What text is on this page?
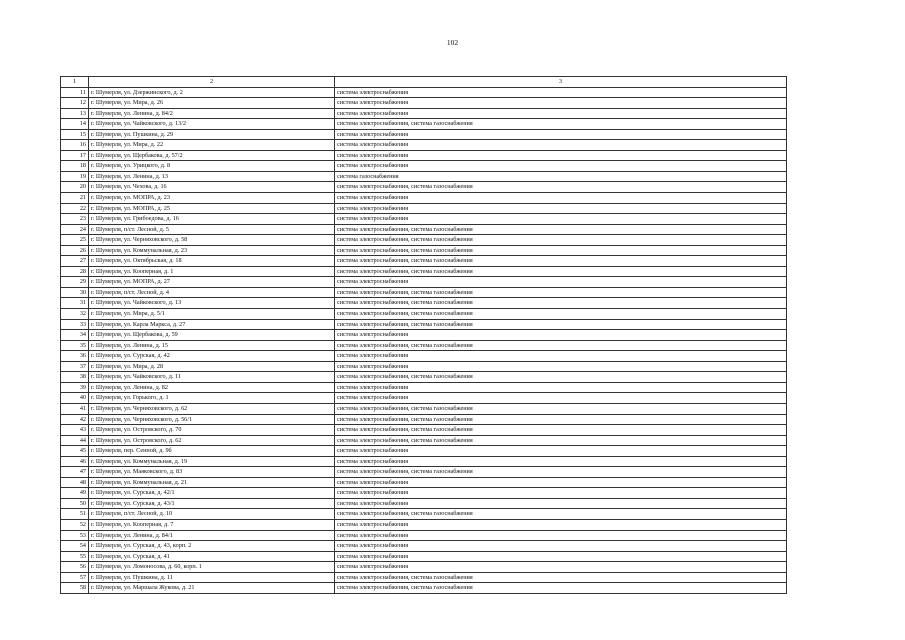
102
1	2	3
11	г. Шумерля, ул. Дзержинского, д. 2	система электроснабжения
12	г. Шумерля, ул. Мира, д. 26	система электроснабжения
13	г. Шумерля, ул. Ленина, д. 84/2	система электроснабжения
14	г. Шумерля, ул. Чайковского, д. 13/2	система электроснабжения, система газоснабжения
15	г. Шумерля, ул. Пушкина, д. 29	система электроснабжения
16	г. Шумерля, ул. Мира, д. 22	система электроснабжения
17	г. Шумерля, ул. Щербакова, д. 57/2	система электроснабжения
18	г. Шумерля, ул. Урицкого, д. 8	система электроснабжения
19	г. Шумерля, ул. Ленина, д. 13	система газоснабжения
20	г. Шумерля, ул. Чехова, д. 16	система электроснабжения, система газоснабжения
21	г. Шумерля, ул. МОПРА, д. 23	система электроснабжения
22	г. Шумерля, ул. МОПРА, д. 25	система электроснабжения
23	г. Шумерля, ул. Грибоедова, д. 16	система электроснабжения
24	г. Шумерля, п/ст. Лесной, д. 5	система электроснабжения, система газоснабжения
25	г. Шумерля, ул. Черняховского, д. 58	система электроснабжения, система газоснабжения
26	г. Шумерля, ул. Коммунальная, д. 23	система электроснабжения, система газоснабжения
27	г. Шумерля, ул. Октябрьская, д. 18	система электроснабжения, система газоснабжения
28	г. Шумерля, ул. Кооперная, д. 1	система электроснабжения, система газоснабжения
29	г. Шумерля, ул. МОПРА, д. 27	система электроснабжения
30	г. Шумерля, п/ст. Лесной, д. 4	система электроснабжения, система газоснабжения
31	г. Шумерля, ул. Чайковского, д. 13	система электроснабжения, система газоснабжения
32	г. Шумерля, ул. Мира, д. 5/1	система электроснабжения, система газоснабжения
33	г. Шумерля, ул. Карла Маркса, д. 27	система электроснабжения, система газоснабжения
34	г. Шумерля, ул. Щербакова, д. 59	система электроснабжения
35	г. Шумерля, ул. Ленина, д. 15	система электроснабжения, система газоснабжения
36	г. Шумерля, ул. Сурская, д. 42	система электроснабжения
37	г. Шумерля, ул. Мира, д. 28	система электроснабжения
38	г. Шумерля, ул. Чайковского, д. 11	система электроснабжения, система газоснабжения
39	г. Шумерля, ул. Ленина, д. 82	система электроснабжения
40	г. Шумерля, ул. Горького, д. 1	система электроснабжения
41	г. Шумерля, ул. Черняховского, д. 62	система электроснабжения, система газоснабжения
42	г. Шумерля, ул. Черняховского, д. 56/1	система электроснабжения, система газоснабжения
43	г. Шумерля, ул. Островского, д. 70	система электроснабжения, система газоснабжения
44	г. Шумерля, ул. Островского, д. 62	система электроснабжения, система газоснабжения
45	г. Шумерля, пер. Сенной, д. 9б	система электроснабжения
46	г. Шумерля, ул. Коммунальная, д. 19	система электроснабжения
47	г. Шумерля, ул. Маяковского, д. 83	система электроснабжения, система газоснабжения
48	г. Шумерля, ул. Коммунальная, д. 21	система электроснабжения
49	г. Шумерля, ул. Сурская, д. 42/1	система электроснабжения
50	г. Шумерля, ул. Сурская, д. 43/1	система электроснабжения
51	г. Шумерля, п/ст. Лесной, д. 10	система электроснабжения, система газоснабжения
52	г. Шумерля, ул. Кооперная, д. 7	система электроснабжения
53	г. Шумерля, ул. Ленина, д. 84/1	система электроснабжения
54	г. Шумерля, ул. Сурская, д. 43, корп. 2	система электроснабжения
55	г. Шумерля, ул. Сурская, д. 41	система электроснабжения
56	г. Шумерля, ул. Ломоносова, д. 60, корп. 1	система электроснабжения
57	г. Шумерля, ул. Пушкина, д. 11	система электроснабжения, система газоснабжения
58	г. Шумерля, ул. Маршала Жукова, д. 21	система электроснабжения, система газоснабжения
